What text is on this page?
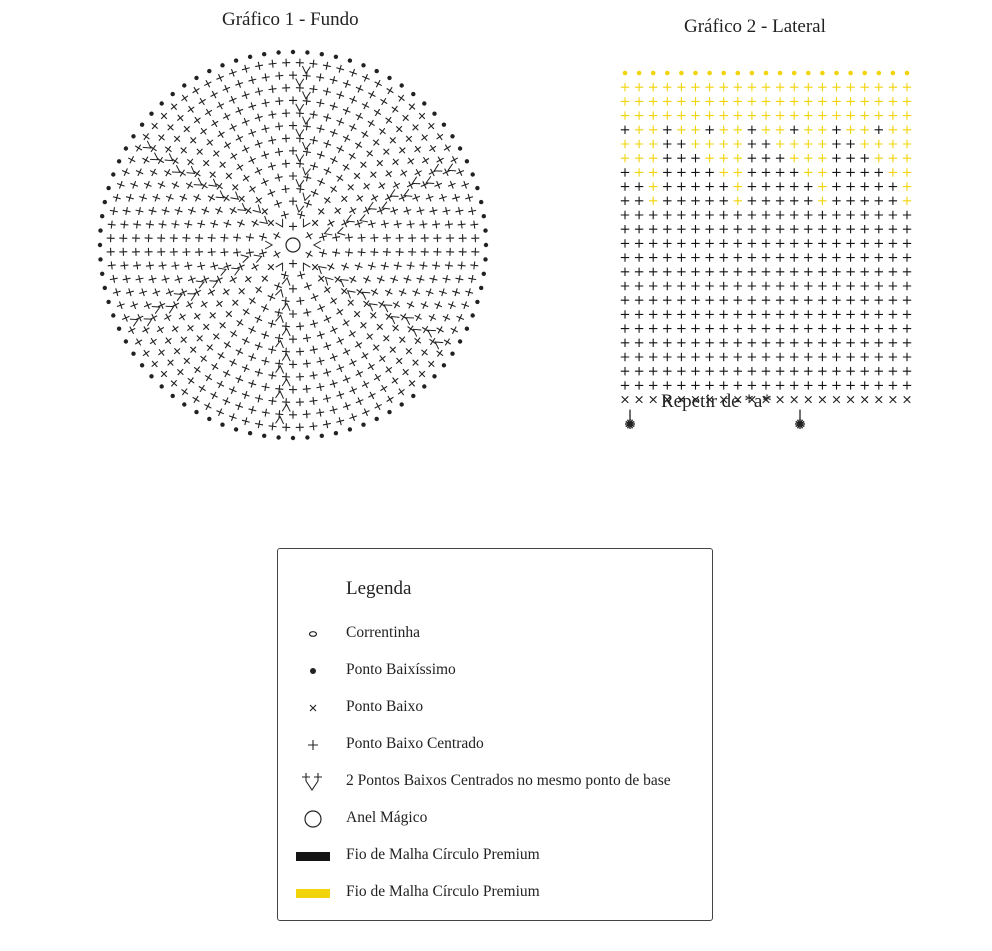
Gráfico 1 - Fundo	Gráfico 2 - Lateral
Repetir de *a*
Legenda
Correntinha
Ponto Baixíssimo
Ponto Baixo
Ponto Baixo Centrado
2 Pontos Baixos Centrados no mesmo ponto de base
Anel Mágico
Fio de Malha Círculo Premium
Fio de Malha Círculo Premium
